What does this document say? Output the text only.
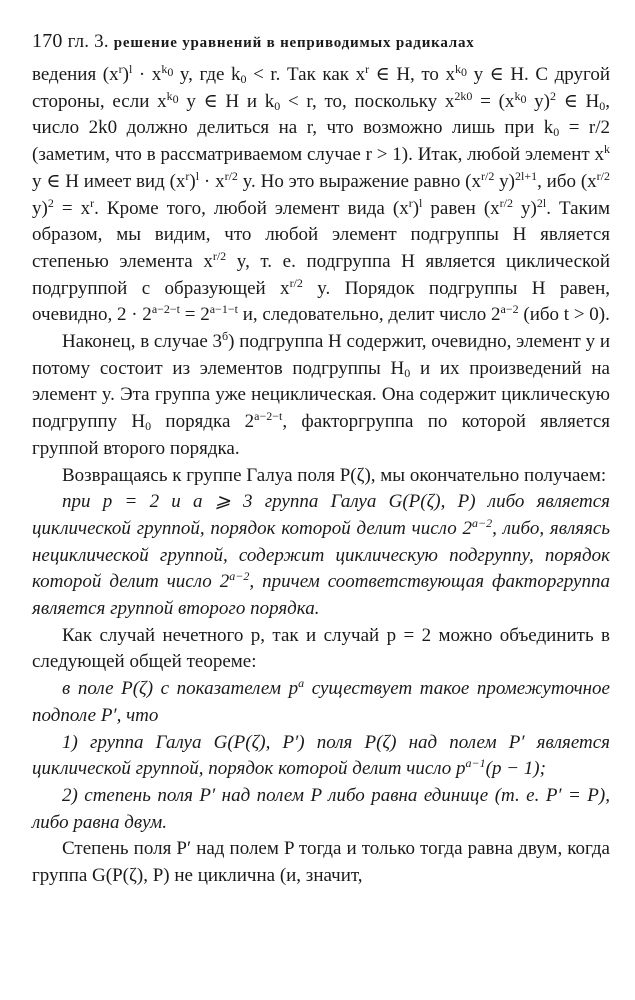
170 гл. 3. решение уравнений в неприводимых радикалах

ведения $(x^r)^l \cdot x^{k0}$ y, где $k_0 < r$. Так как $x^r$ ∈ H, то $x^{k0}$ y ∈ H. С другой стороны, если $x^{k0}$ y ∈ H и $k_0 < r$, то, поскольку $x^{2k0} = (x^{k0}$ y)$^2$ ∈ $H_0$, число 2k0 должно делиться на r, что возможно лишь при $k_0 = r/2$ (заметим, что в рассматриваемом случае r > 1). Итак, любой элемент $x^k$ y ∈ H имеет вид $(x^r)^l \cdot x^{r/2}$ y. Но это выражение равно ($x^{r/2}$ y)$^{2l+1}$, ибо ($x^{r/2}$ $y)^2 = x^r$. Кроме того, любой элемент вида $(x^r)^l$ равен ($x^{r/2}$ y)$^{2l}$. Таким образом, мы видим, что любой элемент подгруппы H является степенью элемента $x^{r/2}$ y, т. е. подгруппа H является циклической подгруппой с образующей $x^{r/2}$ y. Порядок подгруппы H равен, очевидно, $2 \cdot 2^{a-2-t} = 2^{a-1-t}$ и, следовательно, делит число $2^{a-2}$ (ибо t > 0).

Наконец, в случае $3^б$) подгруппа H содержит, очевидно, элемент y и потому состоит из элементов подгруппы $H_0$ и их произведений на элемент y. Эта группа уже нециклическая. Она содержит циклическую подгруппу $H_0$ порядка $2^{a-2-t}$, факторгруппа по которой является группой второго порядка.

Возвращаясь к группе Галуа поля P(ζ), мы окончательно получаем:

при p = 2 и a ⩾ 3 группа Галуа G(P(ζ), P) либо является циклической группой, порядок которой делит число $2^{a-2}$, либо, являясь нециклической группой, содержит циклическую подгруппу, порядок которой делит число $2^{a-2}$, причем соответствующая факторгруппа является группой второго порядка.

Как случай нечетного p, так и случай p = 2 можно объединить в следующей общей теореме:

в поле P(ζ) с показателем $p^a$ существует такое промежуточное подполе P′, что

1) группа Галуа G(P(ζ), P′) поля P(ζ) над полем P′ является циклической группой, порядок которой делит число $p^{a-1}(p - 1)$;

2) степень поля P′ над полем P либо равна единице (т. е. P′ = P), либо равна двум.

Степень поля P′ над полем P тогда и только тогда равна двум, когда группа G(P(ζ), P) не циклична (и, значит,
